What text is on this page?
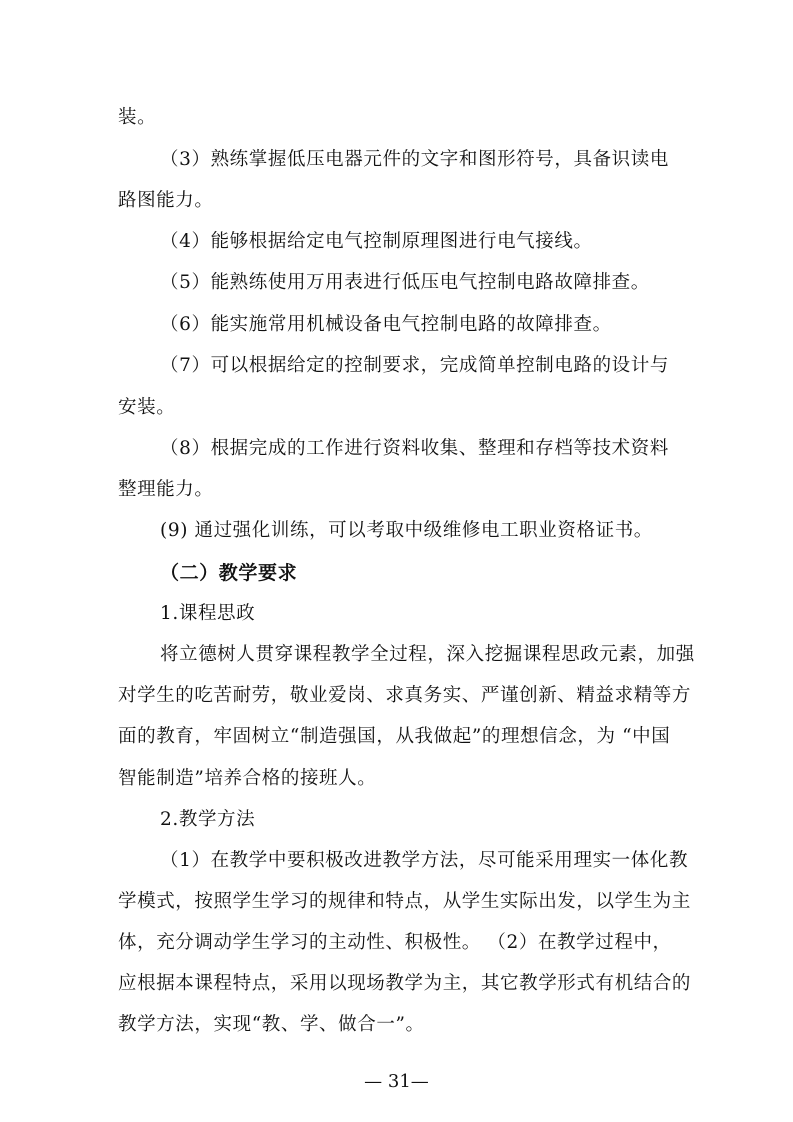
装。
（3）熟练掌握低压电器元件的文字和图形符号，具备识读电
路图能力。
（4）能够根据给定电气控制原理图进行电气接线。
（5）能熟练使用万用表进行低压电气控制电路故障排查。
（6）能实施常用机械设备电气控制电路的故障排查。
（7）可以根据给定的控制要求，完成简单控制电路的设计与
安装。
（8）根据完成的工作进行资料收集、整理和存档等技术资料
整理能力。
(9) 通过强化训练，可以考取中级维修电工职业资格证书。
（二）教学要求
1.课程思政
将立德树人贯穿课程教学全过程，深入挖掘课程思政元素，加强
对学生的吃苦耐劳，敬业爱岗、求真务实、严谨创新、精益求精等方
面的教育，牢固树立“制造强国，从我做起”的理想信念，为 “中国
智能制造”培养合格的接班人。
2.教学方法
（1）在教学中要积极改进教学方法，尽可能采用理实一体化教
学模式，按照学生学习的规律和特点，从学生实际出发，以学生为主
体，充分调动学生学习的主动性、积极性。 （2）在教学过程中，
应根据本课程特点，采用以现场教学为主，其它教学形式有机结合的
教学方法，实现“教、学、做合一”。
— 31—
